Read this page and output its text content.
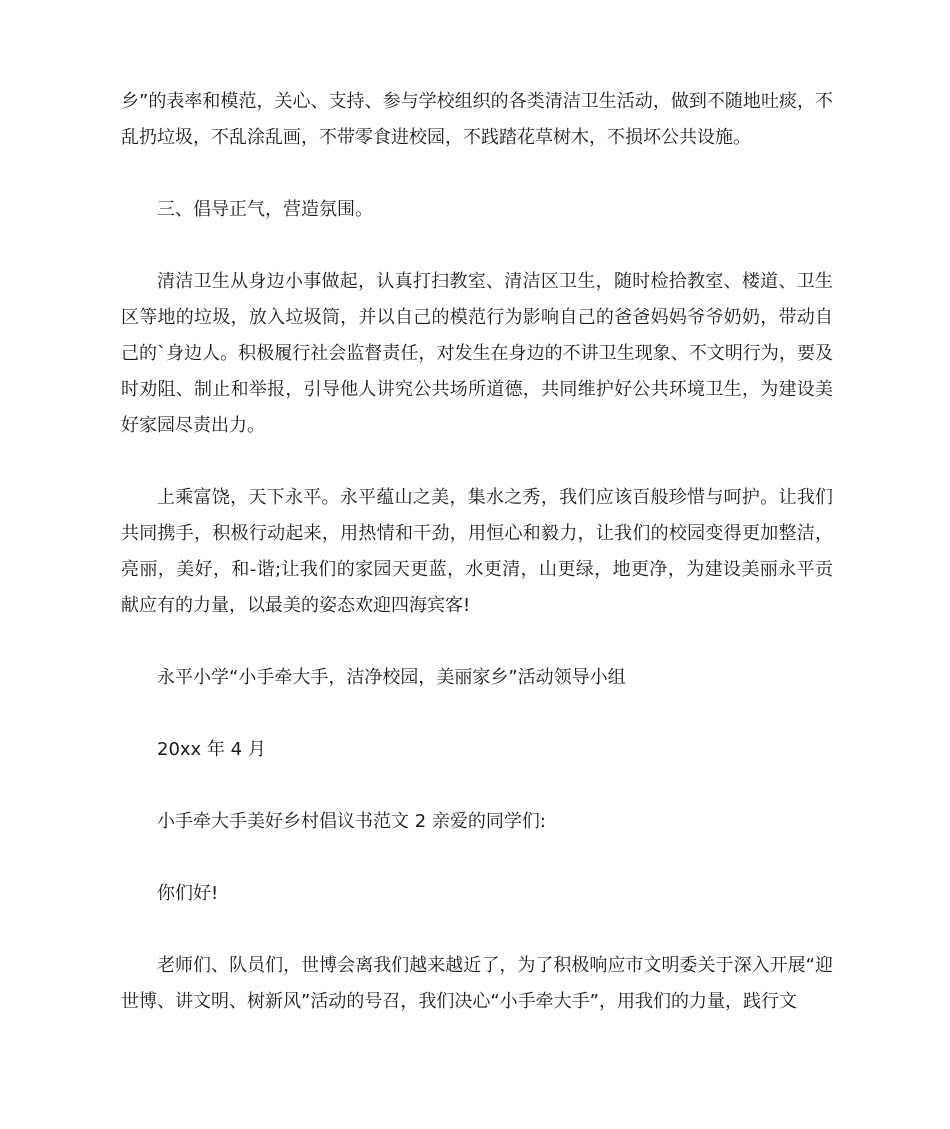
乡”的表率和模范，关心、支持、参与学校组织的各类清洁卫生活动，做到不随地吐痰，不乱扔垃圾，不乱涂乱画，不带零食进校园，不践踏花草树木，不损坏公共设施。

三、倡导正气，营造氛围。

清洁卫生从身边小事做起，认真打扫教室、清洁区卫生，随时检拾教室、楼道、卫生区等地的垃圾，放入垃圾筒，并以自己的模范行为影响自己的爸爸妈妈爷爷奶奶，带动自己的`身边人。积极履行社会监督责任，对发生在身边的不讲卫生现象、不文明行为，要及时劝阻、制止和举报，引导他人讲究公共场所道德，共同维护好公共环境卫生，为建设美好家园尽责出力。

上乘富饶，天下永平。永平蕴山之美，集水之秀，我们应该百般珍惜与呵护。让我们共同携手，积极行动起来，用热情和干劲，用恒心和毅力，让我们的校园变得更加整洁，亮丽，美好，和-谐;让我们的家园天更蓝，水更清，山更绿，地更净，为建设美丽永平贡献应有的力量，以最美的姿态欢迎四海宾客!

永平小学“小手牵大手，洁净校园，美丽家乡”活动领导小组

20xx 年 4 月

小手牵大手美好乡村倡议书范文 2 亲爱的同学们:

你们好!

老师们、队员们，世博会离我们越来越近了，为了积极响应市文明委关于深入开展“迎世博、讲文明、树新风”活动的号召，我们决心“小手牵大手”，用我们的力量，践行文
